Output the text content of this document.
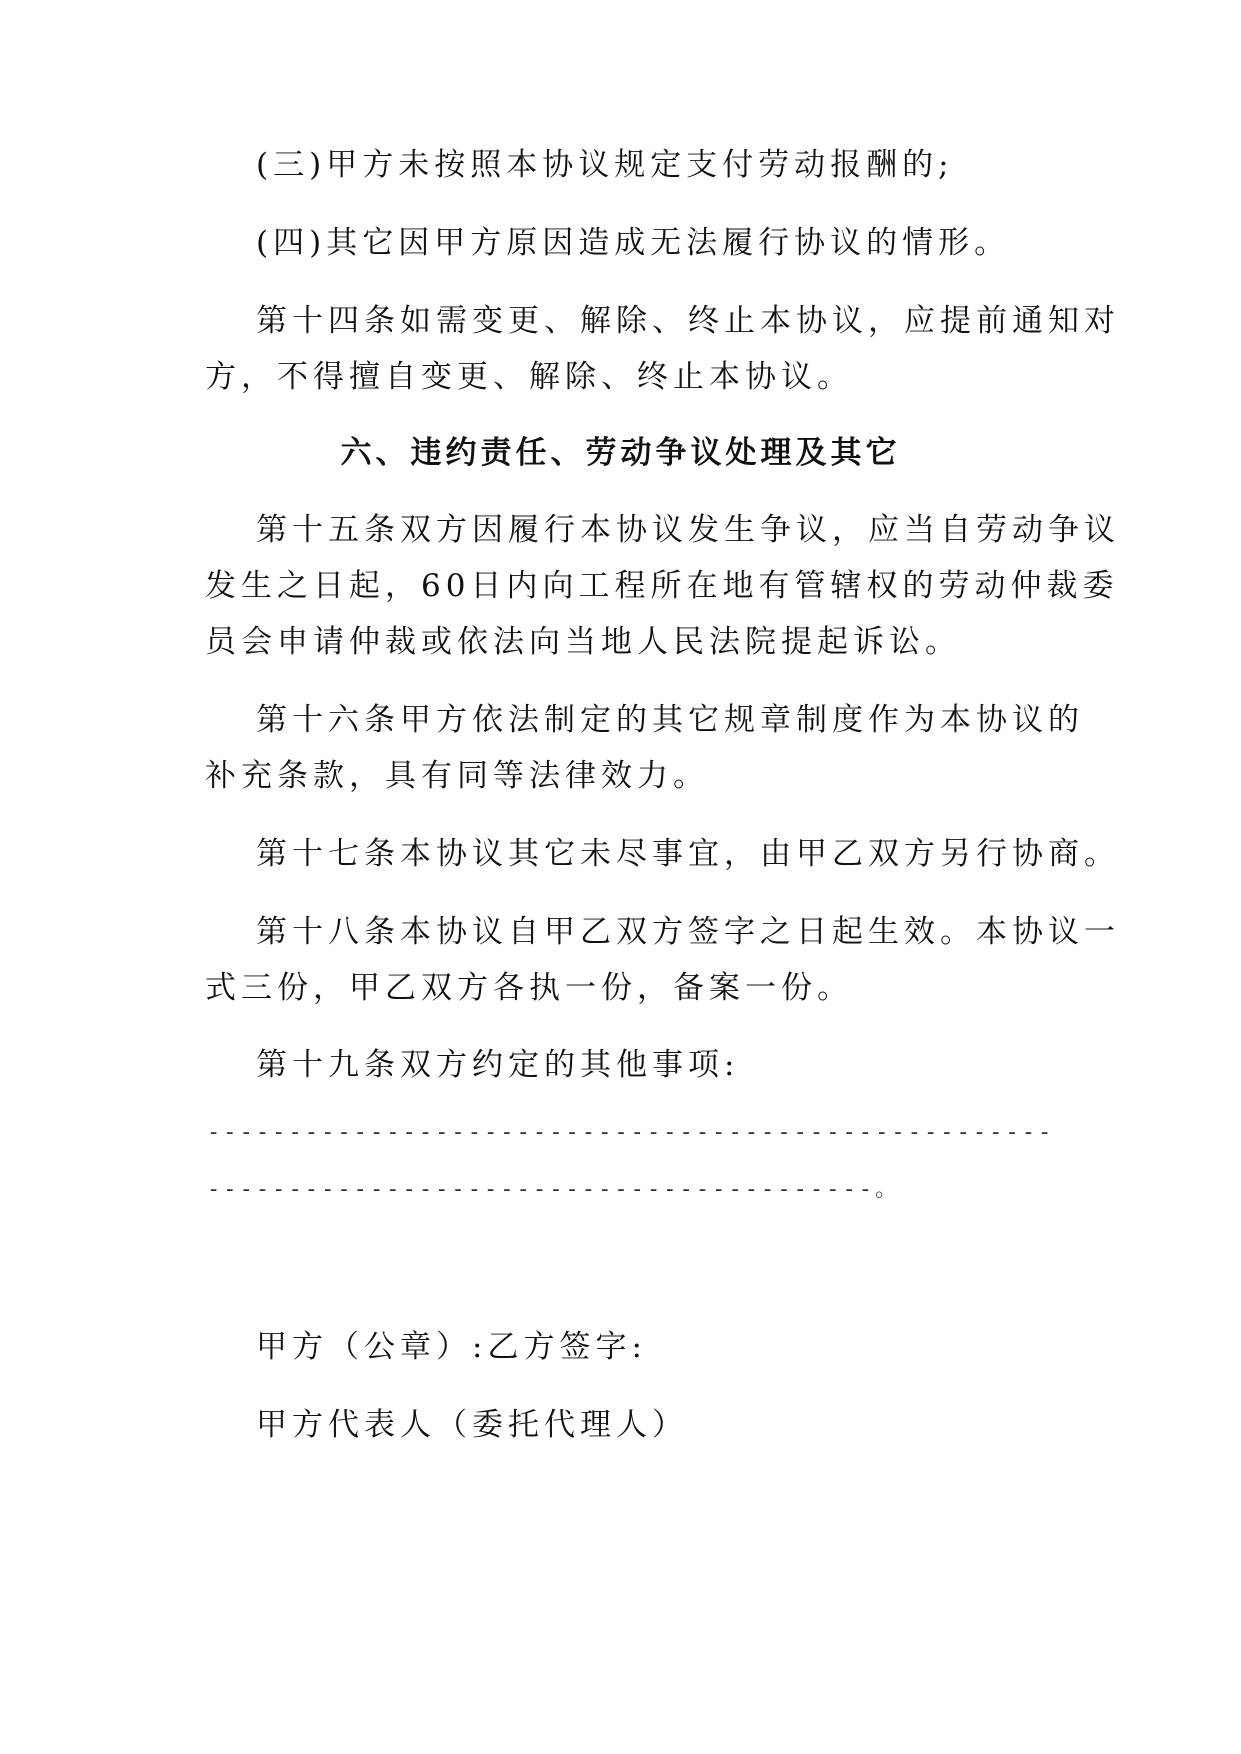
(三)甲方未按照本协议规定支付劳动报酬的;
(四)其它因甲方原因造成无法履行协议的情形。
第十四条如需变更、解除、终止本协议，应提前通知对
方，不得擅自变更、解除、终止本协议。
六、违约责任、劳动争议处理及其它
第十五条双方因履行本协议发生争议，应当自劳动争议
发生之日起，60日内向工程所在地有管辖权的劳动仲裁委
员会申请仲裁或依法向当地人民法院提起诉讼。
第十六条甲方依法制定的其它规章制度作为本协议的
补充条款，具有同等法律效力。
第十七条本协议其它未尽事宜，由甲乙双方另行协商。
第十八条本协议自甲乙双方签字之日起生效。本协议一
式三份，甲乙双方各执一份，备案一份。
第十九条双方约定的其他事项:
----------------------------------------------------
-----------------------------------------。
甲方（公章）:乙方签字:
甲方代表人（委托代理人）
